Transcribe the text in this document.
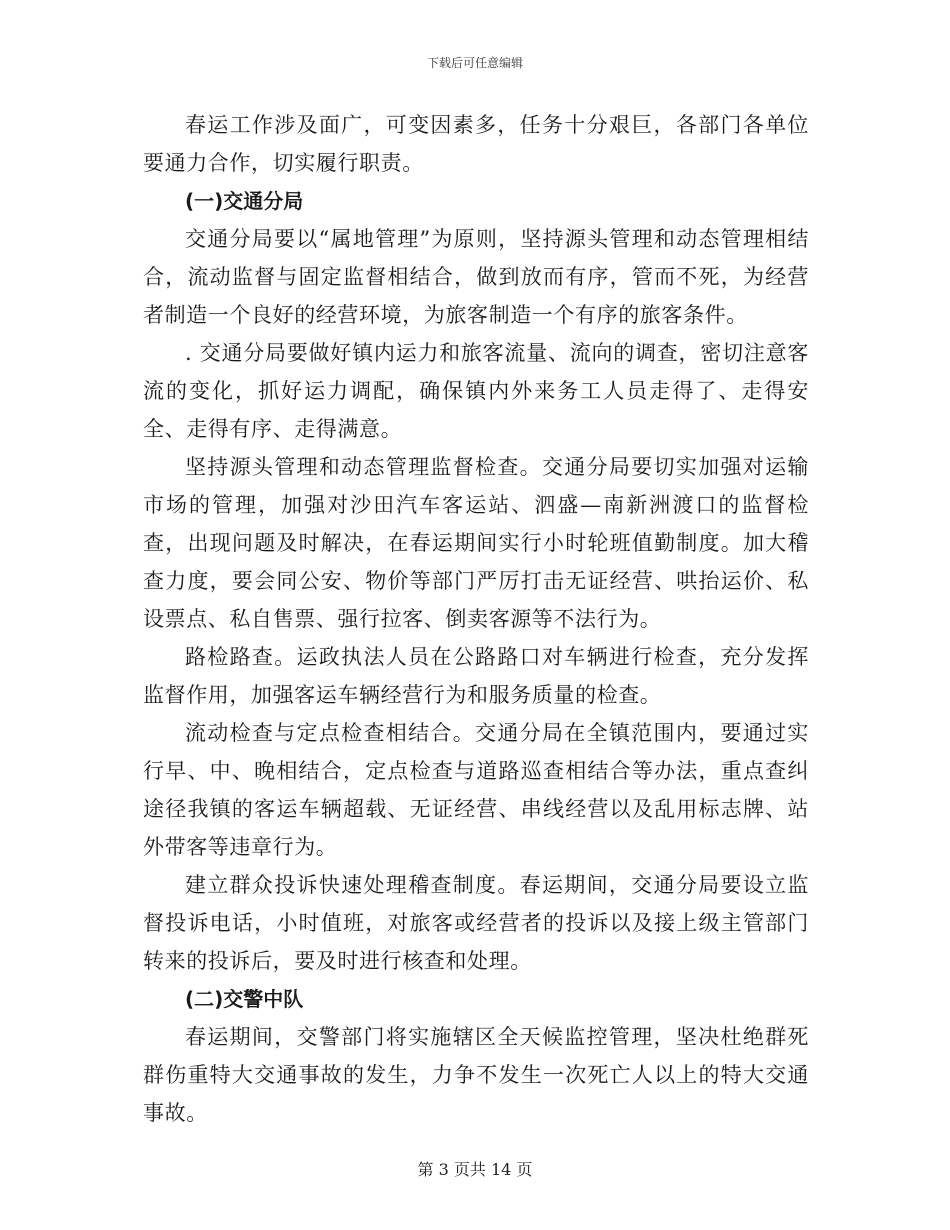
下载后可任意编辑

春运工作涉及面广，可变因素多，任务十分艰巨，各部门各单位要通力合作，切实履行职责。

(一)交通分局

交通分局要以“属地管理”为原则，坚持源头管理和动态管理相结合，流动监督与固定监督相结合，做到放而有序，管而不死，为经营者制造一个良好的经营环境，为旅客制造一个有序的旅客条件。

. 交通分局要做好镇内运力和旅客流量、流向的调查，密切注意客流的变化，抓好运力调配，确保镇内外来务工人员走得了、走得安全、走得有序、走得满意。

坚持源头管理和动态管理监督检查。交通分局要切实加强对运输市场的管理，加强对沙田汽车客运站、泗盛—南新洲渡口的监督检查，出现问题及时解决，在春运期间实行小时轮班值勤制度。加大稽查力度，要会同公安、物价等部门严厉打击无证经营、哄抬运价、私设票点、私自售票、强行拉客、倒卖客源等不法行为。

路检路查。运政执法人员在公路路口对车辆进行检查，充分发挥监督作用，加强客运车辆经营行为和服务质量的检查。

流动检查与定点检查相结合。交通分局在全镇范围内，要通过实行早、中、晚相结合，定点检查与道路巡查相结合等办法，重点查纠途径我镇的客运车辆超载、无证经营、串线经营以及乱用标志牌、站外带客等违章行为。

建立群众投诉快速处理稽查制度。春运期间，交通分局要设立监督投诉电话，小时值班，对旅客或经营者的投诉以及接上级主管部门转来的投诉后，要及时进行核查和处理。

(二)交警中队

春运期间，交警部门将实施辖区全天候监控管理，坚决杜绝群死群伤重特大交通事故的发生，力争不发生一次死亡人以上的特大交通事故。

第 3 页共 14 页
